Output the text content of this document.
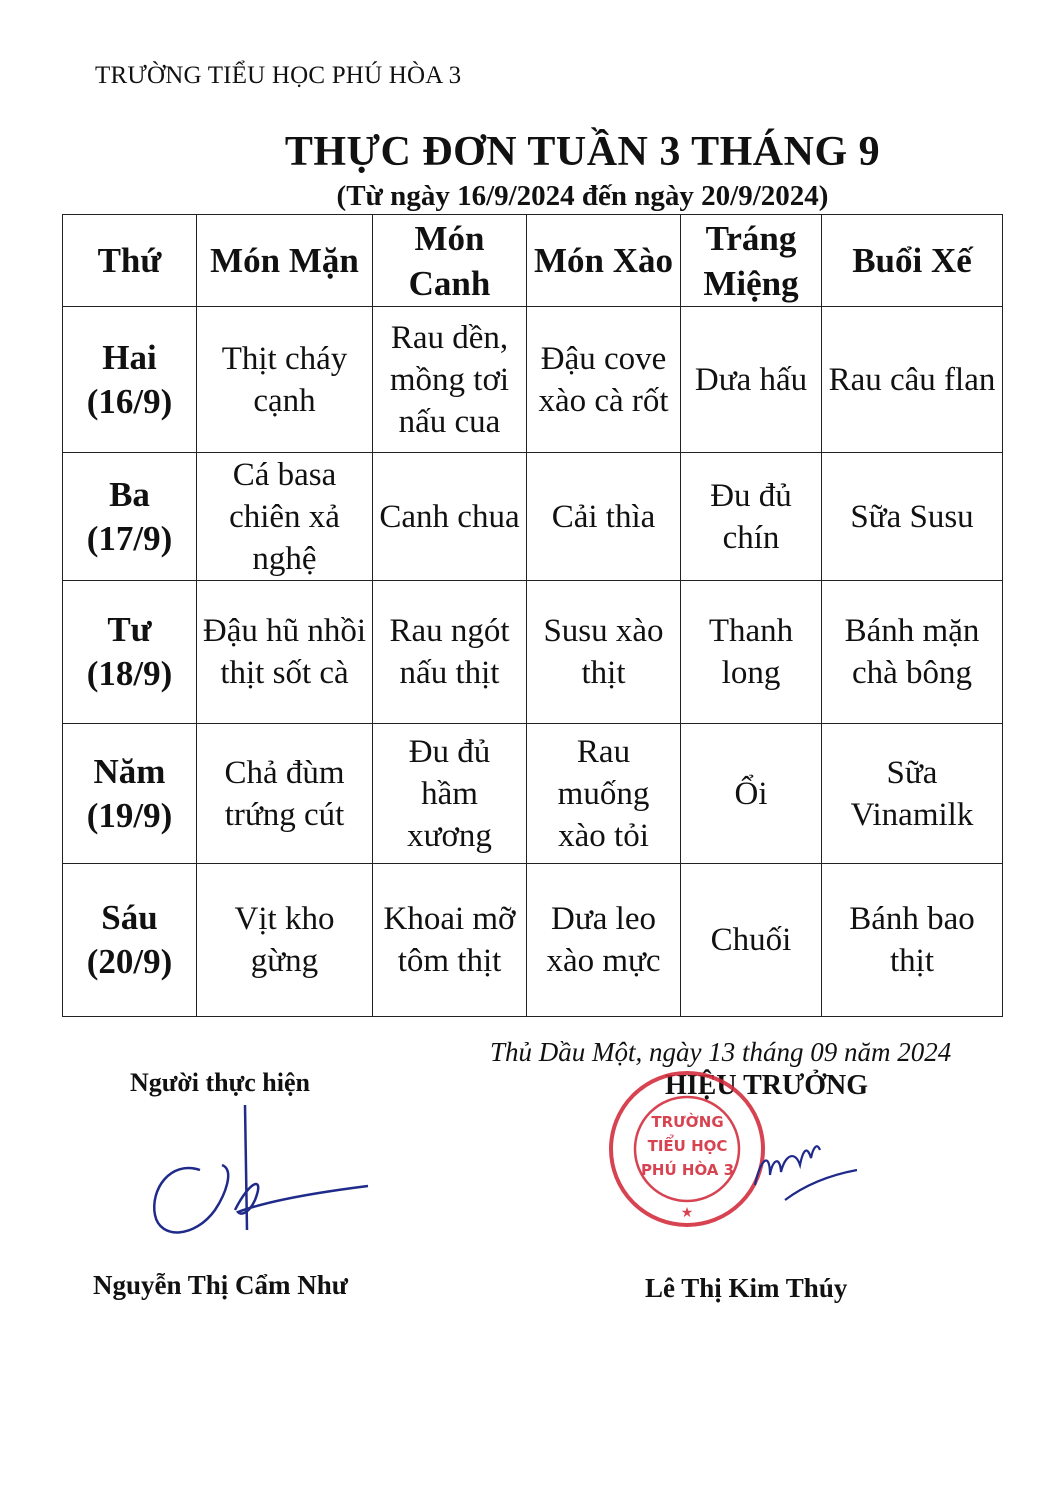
TRƯỜNG TIỂU HỌC PHÚ HÒA 3
THỰC ĐƠN TUẦN 3 THÁNG 9
(Từ ngày 16/9/2024 đến ngày 20/9/2024)
Thứ	Món Mặn	Món Canh	Món Xào	Tráng Miệng	Buổi Xế
Hai (16/9)	Thịt cháy cạnh	Rau dền, mồng tơi nấu cua	Đậu cove xào cà rốt	Dưa hấu	Rau câu flan
Ba (17/9)	Cá basa chiên xả nghệ	Canh chua	Cải thìa	Đu đủ chín	Sữa Susu
Tư (18/9)	Đậu hũ nhồi thịt sốt cà	Rau ngót nấu thịt	Susu xào thịt	Thanh long	Bánh mặn chà bông
Năm (19/9)	Chả đùm trứng cút	Đu đủ hầm xương	Rau muống xào tỏi	Ổi	Sữa Vinamilk
Sáu (20/9)	Vịt kho gừng	Khoai mỡ tôm thịt	Dưa leo xào mực	Chuối	Bánh bao thịt
Thủ Dầu Một, ngày 13 tháng 09 năm 2024
Người thực hiện	HIỆU TRƯỞNG
★
TRƯỜNG
TIỂU HỌC
PHÚ HÒA 3
Nguyễn Thị Cẩm Như	Lê Thị Kim Thúy
